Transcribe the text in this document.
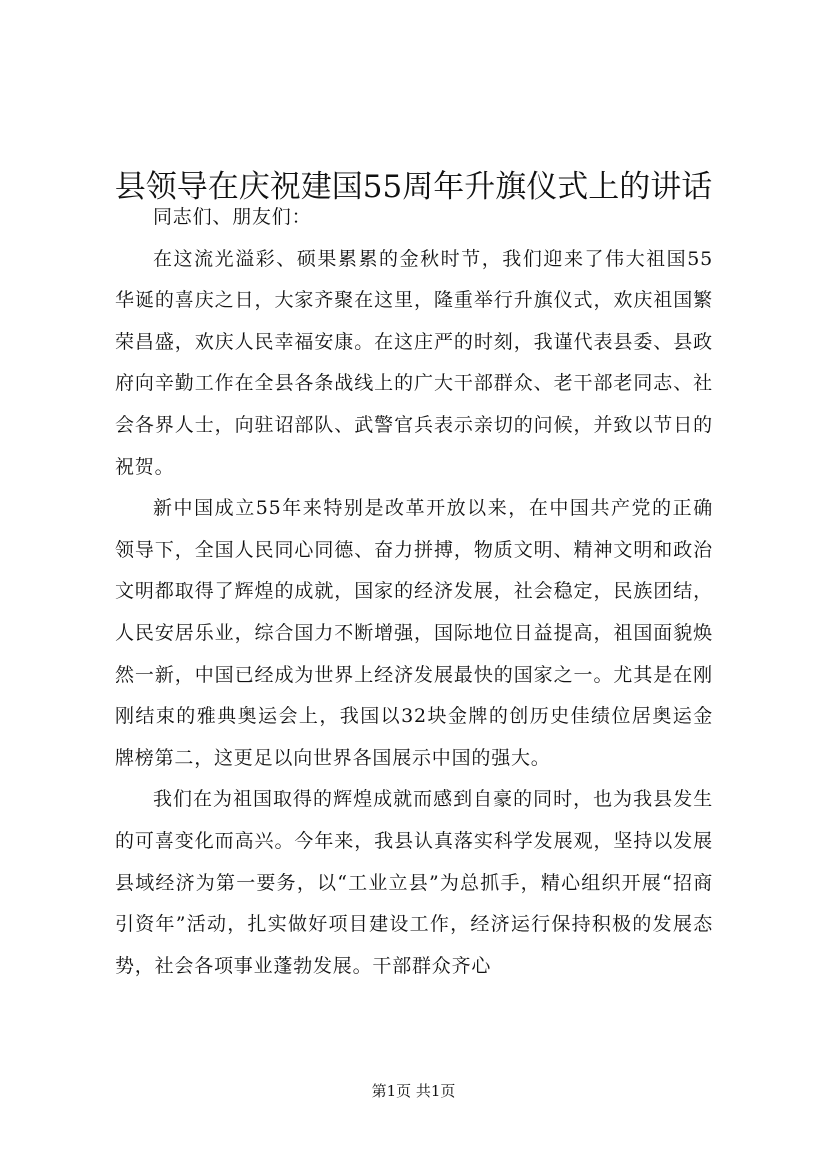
县领导在庆祝建国55周年升旗仪式上的讲话

同志们、朋友们：

在这流光溢彩、硕果累累的金秋时节，我们迎来了伟大祖国55华诞的喜庆之日，大家齐聚在这里，隆重举行升旗仪式，欢庆祖国繁荣昌盛，欢庆人民幸福安康。在这庄严的时刻，我谨代表县委、县政府向辛勤工作在全县各条战线上的广大干部群众、老干部老同志、社会各界人士，向驻诏部队、武警官兵表示亲切的问候，并致以节日的祝贺。

新中国成立55年来特别是改革开放以来，在中国共产党的正确领导下，全国人民同心同德、奋力拼搏，物质文明、精神文明和政治文明都取得了辉煌的成就，国家的经济发展，社会稳定，民族团结，人民安居乐业，综合国力不断增强，国际地位日益提高，祖国面貌焕然一新，中国已经成为世界上经济发展最快的国家之一。尤其是在刚刚结束的雅典奥运会上，我国以32块金牌的创历史佳绩位居奥运金牌榜第二，这更足以向世界各国展示中国的强大。

我们在为祖国取得的辉煌成就而感到自豪的同时，也为我县发生的可喜变化而高兴。今年来，我县认真落实科学发展观，坚持以发展县域经济为第一要务，以“工业立县”为总抓手，精心组织开展“招商引资年”活动，扎实做好项目建设工作，经济运行保持积极的发展态势，社会各项事业蓬勃发展。干部群众齐心

第1页 共1页
